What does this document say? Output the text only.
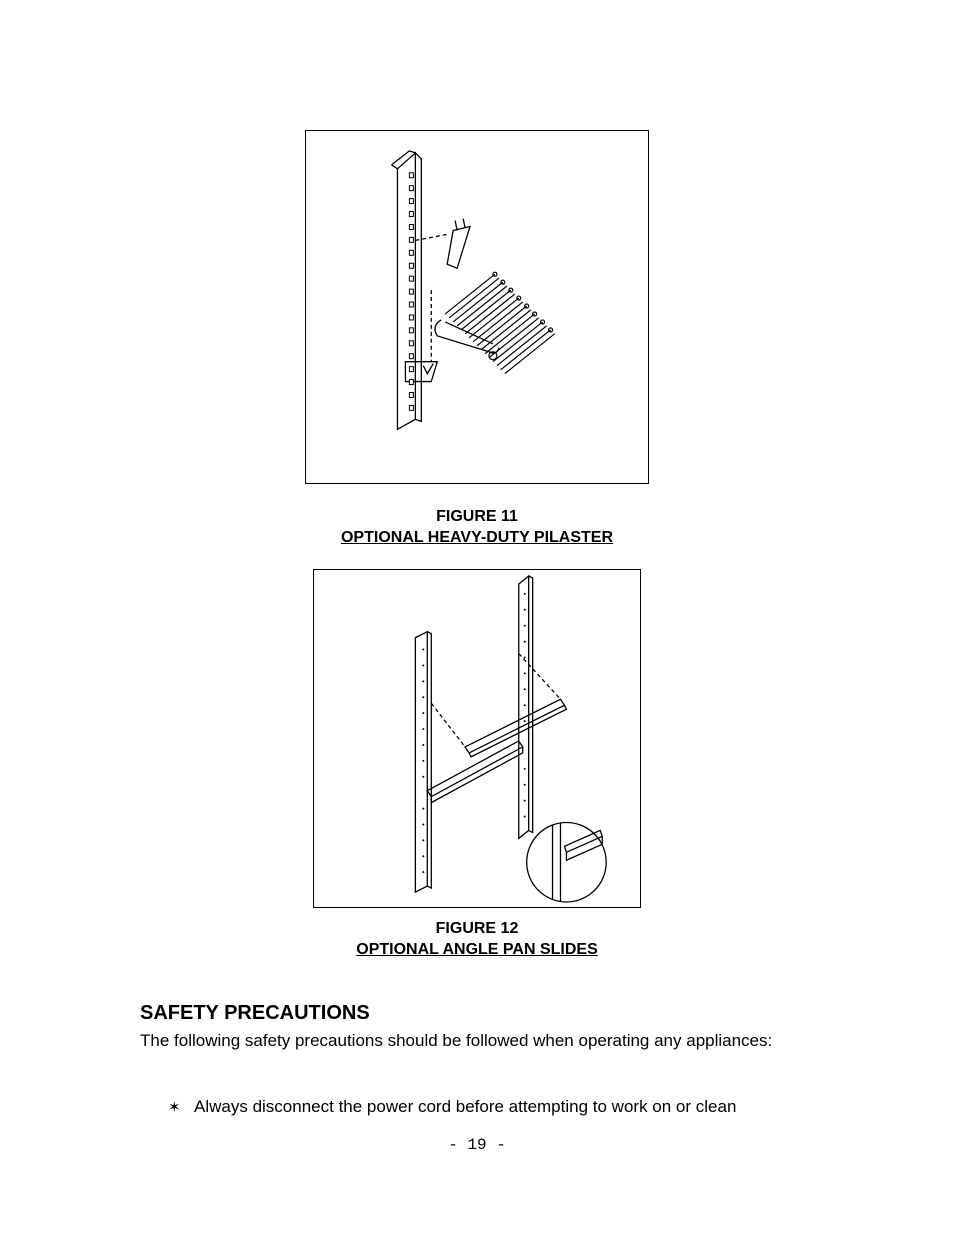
FIGURE 11
OPTIONAL HEAVY-DUTY PILASTER
FIGURE 12
OPTIONAL ANGLE PAN SLIDES
SAFETY PRECAUTIONS

The following safety precautions should be followed when operating any appliances:

✶ Always disconnect the power cord before attempting to work on or clean
- 19 -
